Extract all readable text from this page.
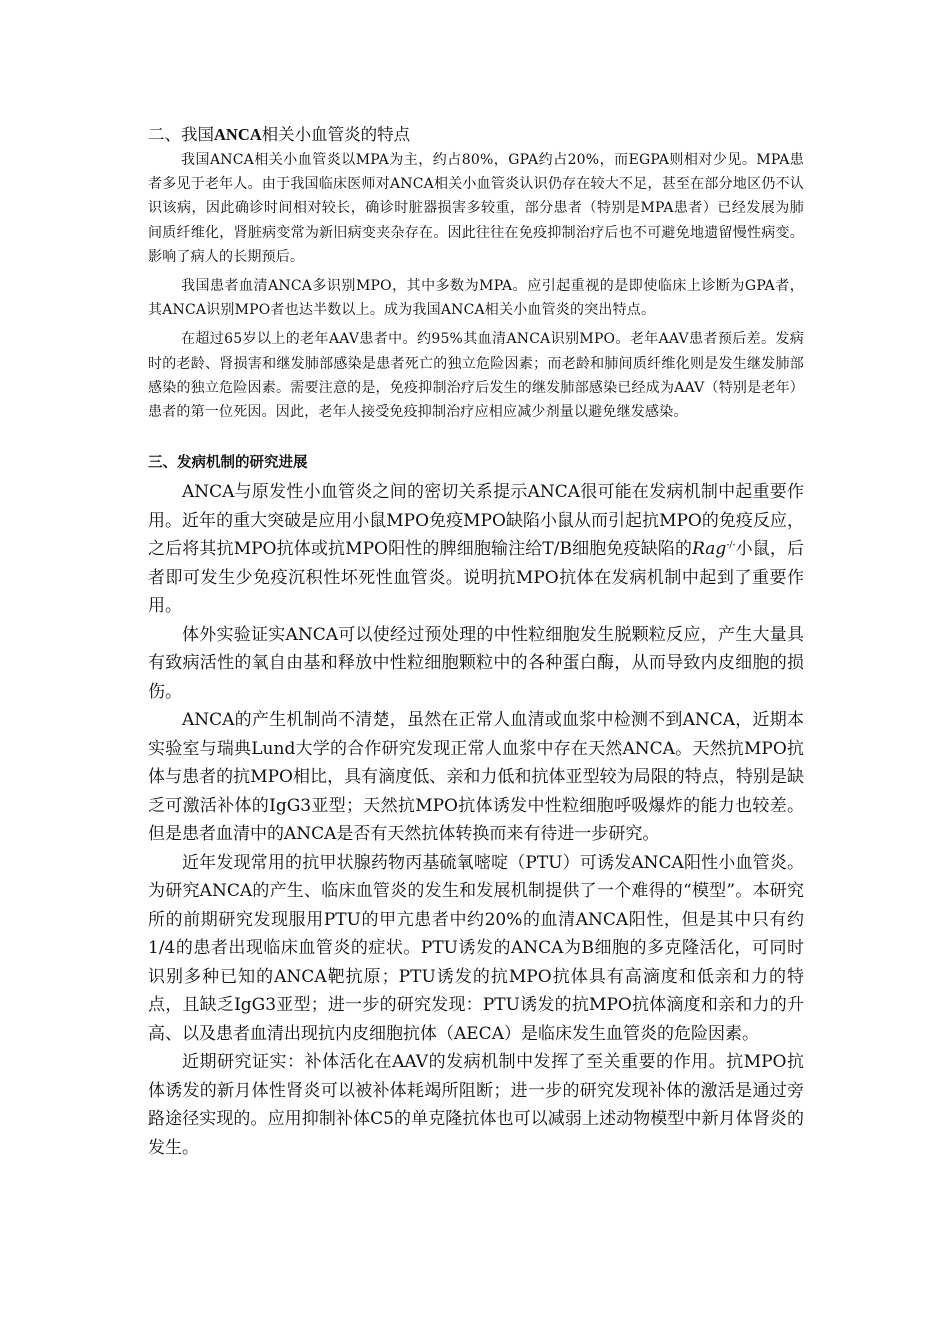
二、我国ANCA相关小血管炎的特点

我国ANCA相关小血管炎以MPA为主，约占80%，GPA约占20%，而EGPA则相对少见。MPA患者多见于老年人。由于我国临床医师对ANCA相关小血管炎认识仍存在较大不足，甚至在部分地区仍不认识该病，因此确诊时间相对较长，确诊时脏器损害多较重，部分患者（特别是MPA患者）已经发展为肺间质纤维化，肾脏病变常为新旧病变夹杂存在。因此往往在免疫抑制治疗后也不可避免地遗留慢性病变。影响了病人的长期预后。

我国患者血清ANCA多识别MPO，其中多数为MPA。应引起重视的是即使临床上诊断为GPA者，其ANCA识别MPO者也达半数以上。成为我国ANCA相关小血管炎的突出特点。

在超过65岁以上的老年AAV患者中。约95%其血清ANCA识别MPO。老年AAV患者预后差。发病时的老龄、肾损害和继发肺部感染是患者死亡的独立危险因素；而老龄和肺间质纤维化则是发生继发肺部感染的独立危险因素。需要注意的是，免疫抑制治疗后发生的继发肺部感染已经成为AAV（特别是老年）患者的第一位死因。因此，老年人接受免疫抑制治疗应相应减少剂量以避免继发感染。

三、发病机制的研究进展

ANCA与原发性小血管炎之间的密切关系提示ANCA很可能在发病机制中起重要作用。近年的重大突破是应用小鼠MPO免疫MPO缺陷小鼠从而引起抗MPO的免疫反应，之后将其抗MPO抗体或抗MPO阳性的脾细胞输注给T/B细胞免疫缺陷的Rag-/-小鼠，后者即可发生少免疫沉积性坏死性血管炎。说明抗MPO抗体在发病机制中起到了重要作用。

体外实验证实ANCA可以使经过预处理的中性粒细胞发生脱颗粒反应，产生大量具有致病活性的氧自由基和释放中性粒细胞颗粒中的各种蛋白酶，从而导致内皮细胞的损伤。

ANCA的产生机制尚不清楚，虽然在正常人血清或血浆中检测不到ANCA，近期本实验室与瑞典Lund大学的合作研究发现正常人血浆中存在天然ANCA。天然抗MPO抗体与患者的抗MPO相比，具有滴度低、亲和力低和抗体亚型较为局限的特点，特别是缺乏可激活补体的IgG3亚型；天然抗MPO抗体诱发中性粒细胞呼吸爆炸的能力也较差。但是患者血清中的ANCA是否有天然抗体转换而来有待进一步研究。

近年发现常用的抗甲状腺药物丙基硫氧嘧啶（PTU）可诱发ANCA阳性小血管炎。为研究ANCA的产生、临床血管炎的发生和发展机制提供了一个难得的“模型”。本研究所的前期研究发现服用PTU的甲亢患者中约20%的血清ANCA阳性，但是其中只有约1/4的患者出现临床血管炎的症状。PTU诱发的ANCA为B细胞的多克隆活化，可同时识别多种已知的ANCA靶抗原；PTU诱发的抗MPO抗体具有高滴度和低亲和力的特点，且缺乏IgG3亚型；进一步的研究发现：PTU诱发的抗MPO抗体滴度和亲和力的升高、以及患者血清出现抗内皮细胞抗体（AECA）是临床发生血管炎的危险因素。

近期研究证实：补体活化在AAV的发病机制中发挥了至关重要的作用。抗MPO抗体诱发的新月体性肾炎可以被补体耗竭所阻断；进一步的研究发现补体的激活是通过旁路途径实现的。应用抑制补体C5的单克隆抗体也可以减弱上述动物模型中新月体肾炎的发生。
